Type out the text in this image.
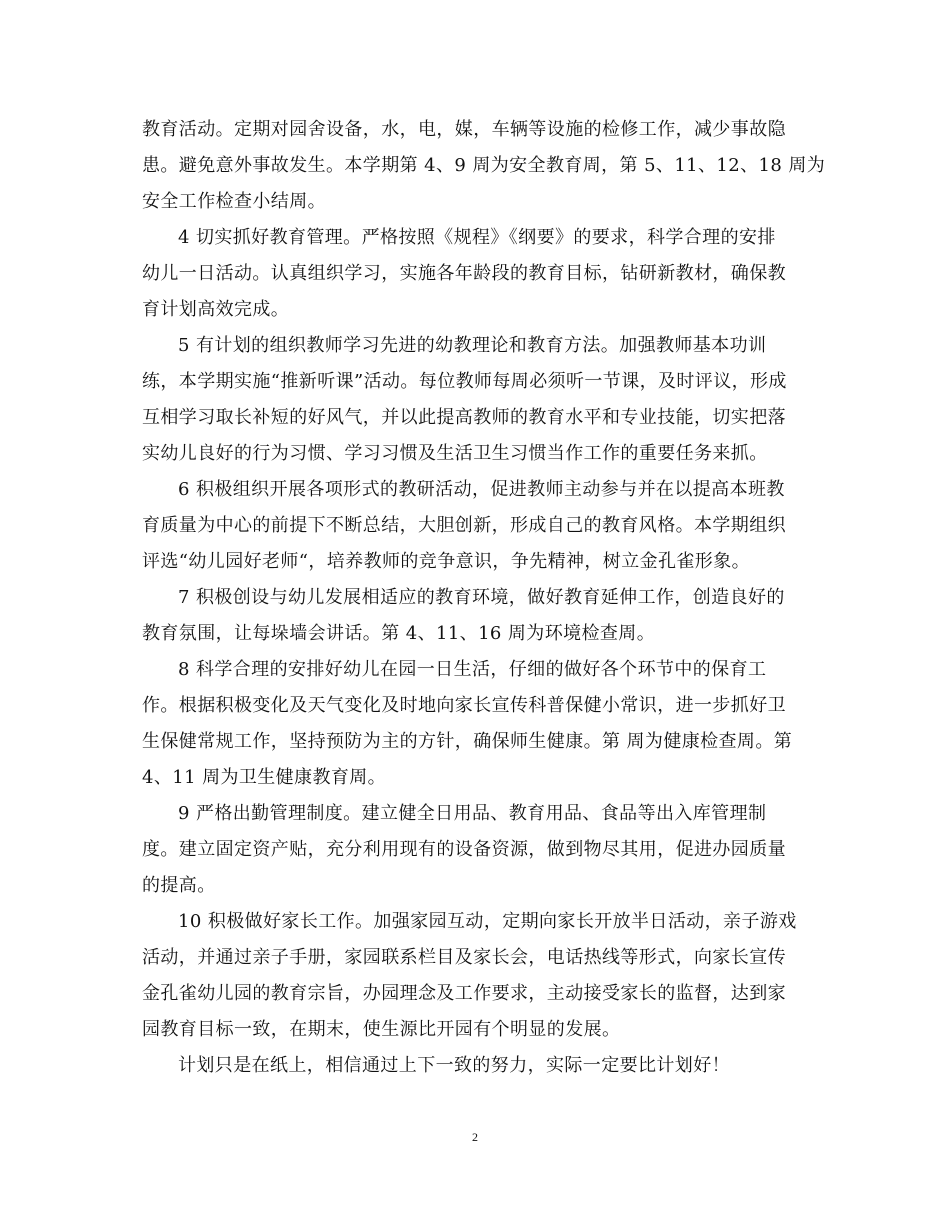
教育活动。定期对园舍设备，水，电，媒，车辆等设施的检修工作，减少事故隐
患。避免意外事故发生。本学期第 4、9 周为安全教育周，第 5、11、12、18 周为
安全工作检查小结周。
4 切实抓好教育管理。严格按照《规程》《纲要》的要求，科学合理的安排
幼儿一日活动。认真组织学习，实施各年龄段的教育目标，钻研新教材，确保教
育计划高效完成。
5 有计划的组织教师学习先进的幼教理论和教育方法。加强教师基本功训
练，本学期实施“推新听课”活动。每位教师每周必须听一节课，及时评议，形成
互相学习取长补短的好风气，并以此提高教师的教育水平和专业技能，切实把落
实幼儿良好的行为习惯、学习习惯及生活卫生习惯当作工作的重要任务来抓。
6 积极组织开展各项形式的教研活动，促进教师主动参与并在以提高本班教
育质量为中心的前提下不断总结，大胆创新，形成自己的教育风格。本学期组织
评选“幼儿园好老师“，培养教师的竞争意识，争先精神，树立金孔雀形象。
7 积极创设与幼儿发展相适应的教育环境，做好教育延伸工作，创造良好的
教育氛围，让每垛墙会讲话。第 4、11、16 周为环境检查周。
8 科学合理的安排好幼儿在园一日生活，仔细的做好各个环节中的保育工
作。根据积极变化及天气变化及时地向家长宣传科普保健小常识，进一步抓好卫
生保健常规工作，坚持预防为主的方针，确保师生健康。第 周为健康检查周。第
4、11 周为卫生健康教育周。
9 严格出勤管理制度。建立健全日用品、教育用品、食品等出入库管理制
度。建立固定资产贴，充分利用现有的设备资源，做到物尽其用，促进办园质量
的提高。
10 积极做好家长工作。加强家园互动，定期向家长开放半日活动，亲子游戏
活动，并通过亲子手册，家园联系栏目及家长会，电话热线等形式，向家长宣传
金孔雀幼儿园的教育宗旨，办园理念及工作要求，主动接受家长的监督，达到家
园教育目标一致，在期末，使生源比开园有个明显的发展。
计划只是在纸上，相信通过上下一致的努力，实际一定要比计划好！
2
